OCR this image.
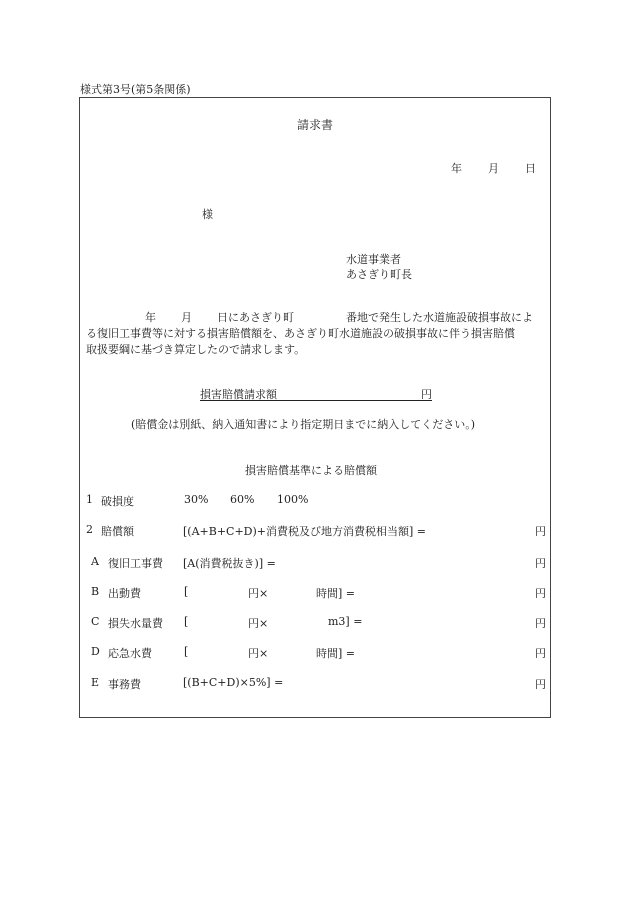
様式第3号(第5条関係)
請求書
年 月 日
様
水道事業者
あさぎり町長
年 月 日にあさぎり町	番地で発生した水道施設破損事故によ
る復旧工事費等に対する損害賠償額を、あさぎり町水道施設の破損事故に伴う損害賠償
取扱要綱に基づき算定したので請求します。
損害賠償請求額	円
(賠償金は別紙、納入通知書により指定期日までに納入してください。)
損害賠償基準による賠償額
1 破損度	30% 60% 100%
2 賠償額	[(A+B+C+D)+消費税及び地方消費税相当額] =	円
A 復旧工事費 [A(消費税抜き)] =	円
B 出動費	[	円×	時間] =	円
C 損失水量費 [	円×	m3] =	円
D 応急水費	[	円×	時間] =	円
E 事務費	[(B+C+D)×5%] =	円
